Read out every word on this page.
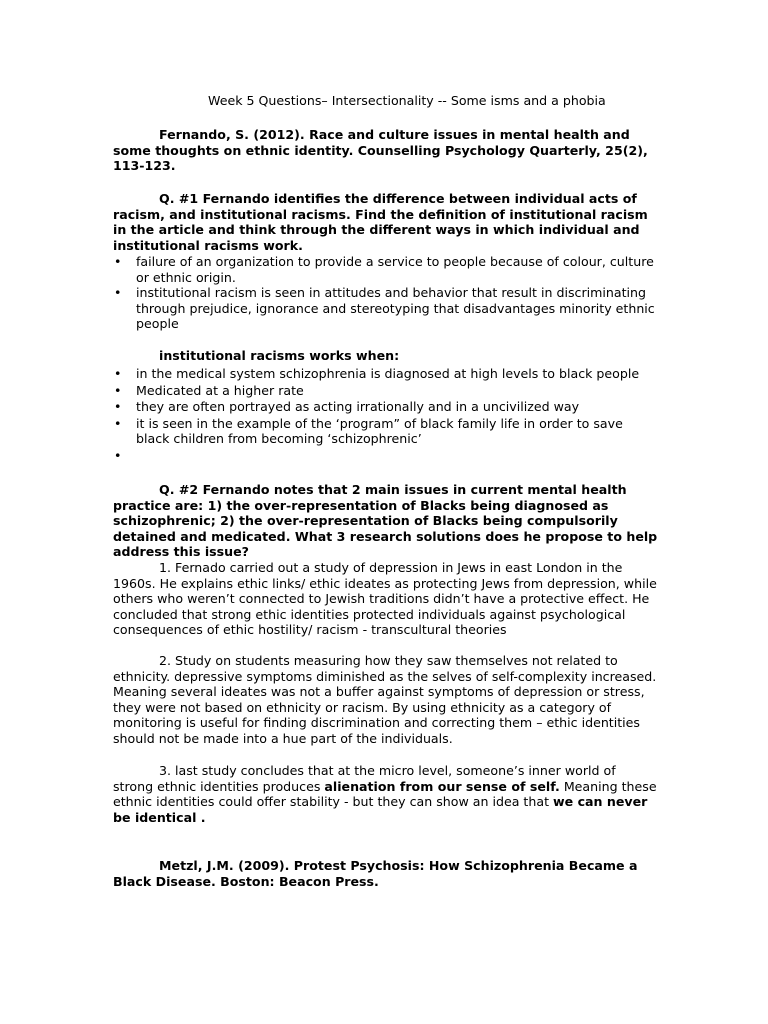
Week 5 Questions– Intersectionality -- Some isms and a phobia

Fernando, S. (2012). Race and culture issues in mental health and some thoughts on ethnic identity. Counselling Psychology Quarterly, 25(2), 113-123.

Q. #1 Fernando identifies the difference between individual acts of racism, and institutional racisms. Find the definition of institutional racism in the article and think through the different ways in which individual and institutional racisms work.

• failure of an organization to provide a service to people because of colour, culture or ethnic origin.
• institutional racism is seen in attitudes and behavior that result in discriminating through prejudice, ignorance and stereotyping that disadvantages minority ethnic people

institutional racisms works when:

• in the medical system schizophrenia is diagnosed at high levels to black people
• Medicated at a higher rate
• they are often portrayed as acting irrationally and in a uncivilized way
• it is seen in the example of the ‘program” of black family life in order to save black children from becoming ‘schizophrenic’
•

Q. #2 Fernando notes that 2 main issues in current mental health practice are: 1) the over-representation of Blacks being diagnosed as schizophrenic; 2) the over-representation of Blacks being compulsorily detained and medicated. What 3 research solutions does he propose to help address this issue?

1. Fernado carried out a study of depression in Jews in east London in the 1960s. He explains ethic links/ ethic ideates as protecting Jews from depression, while others who weren’t connected to Jewish traditions didn’t have a protective effect. He concluded that strong ethic identities protected individuals against psychological consequences of ethic hostility/ racism - transcultural theories

2. Study on students measuring how they saw themselves not related to ethnicity. depressive symptoms diminished as the selves of self-complexity increased. Meaning several ideates was not a buffer against symptoms of depression or stress, they were not based on ethnicity or racism. By using ethnicity as a category of monitoring is useful for finding discrimination and correcting them – ethic identities should not be made into a hue part of the individuals.

3. last study concludes that at the micro level, someone’s inner world of strong ethnic identities produces alienation from our sense of self. Meaning these ethnic identities could offer stability - but they can show an idea that we can never be identical .

Metzl, J.M. (2009). Protest Psychosis: How Schizophrenia Became a Black Disease. Boston: Beacon Press.
